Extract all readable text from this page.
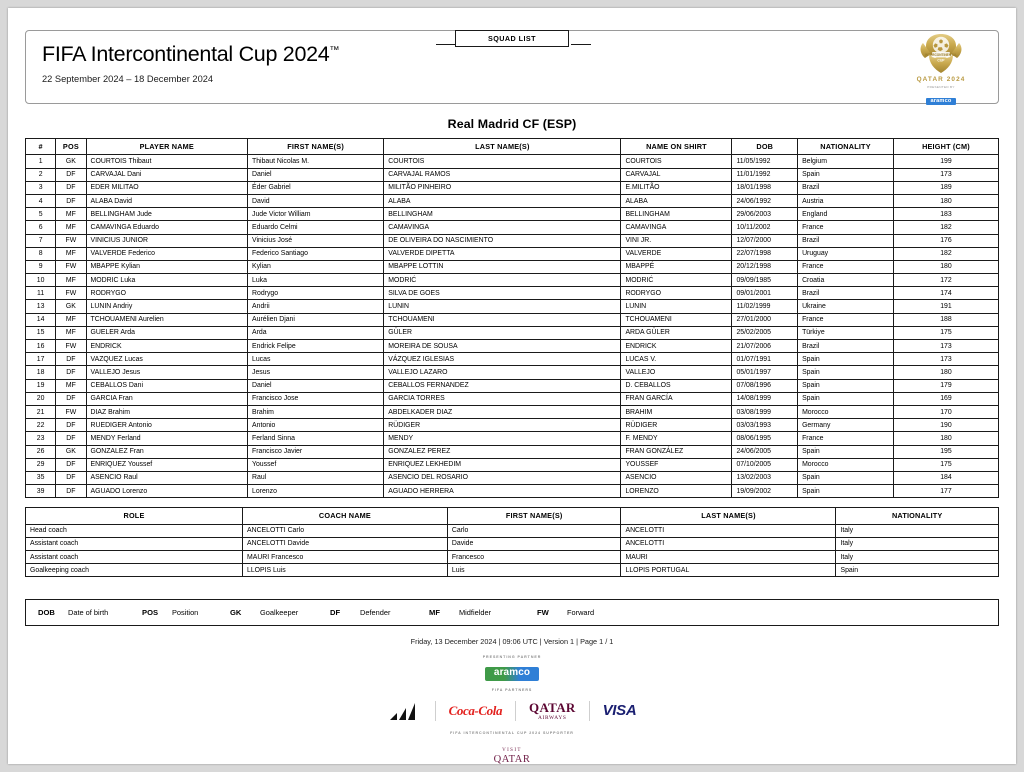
SQUAD LIST
FIFA Intercontinental Cup 2024™
22 September 2024 – 18 December 2024
INTERCONTINENTAL
CUP
QATAR 2024
PRESENTED BY
aramco
Real Madrid CF (ESP)
#	POS	PLAYER NAME	FIRST NAME(S)	LAST NAME(S)	NAME ON SHIRT	DOB	NATIONALITY	HEIGHT (CM)
1	GK	COURTOIS Thibaut	Thibaut Nicolas M.	COURTOIS	COURTOIS	11/05/1992	Belgium	199
2	DF	CARVAJAL Dani	Daniel	CARVAJAL RAMOS	CARVAJAL	11/01/1992	Spain	173
3	DF	EDER MILITAO	Éder Gabriel	MILITÃO PINHEIRO	E.MILITÃO	18/01/1998	Brazil	189
4	DF	ALABA David	David	ALABA	ALABA	24/06/1992	Austria	180
5	MF	BELLINGHAM Jude	Jude Victor William	BELLINGHAM	BELLINGHAM	29/06/2003	England	183
6	MF	CAMAVINGA Eduardo	Eduardo Celmi	CAMAVINGA	CAMAVINGA	10/11/2002	France	182
7	FW	VINICIUS JUNIOR	Vinicius José	DE OLIVEIRA DO NASCIMIENTO	VINI JR.	12/07/2000	Brazil	176
8	MF	VALVERDE Federico	Federico Santiago	VALVERDE DIPETTA	VALVERDE	22/07/1998	Uruguay	182
9	FW	MBAPPE Kylian	Kylian	MBAPPE LOTTIN	MBAPPÉ	20/12/1998	France	180
10	MF	MODRIC Luka	Luka	MODRIĆ	MODRIĆ	09/09/1985	Croatia	172
11	FW	RODRYGO	Rodrygo	SILVA DE GOES	RODRYGO	09/01/2001	Brazil	174
13	GK	LUNIN Andriy	Andrii	LUNIN	LUNIN	11/02/1999	Ukraine	191
14	MF	TCHOUAMENI Aurelien	Aurélien Djani	TCHOUAMENI	TCHOUAMENI	27/01/2000	France	188
15	MF	GUELER Arda	Arda	GÜLER	ARDA GÜLER	25/02/2005	Türkiye	175
16	FW	ENDRICK	Endrick Felipe	MOREIRA DE SOUSA	ENDRICK	21/07/2006	Brazil	173
17	DF	VAZQUEZ Lucas	Lucas	VÁZQUEZ IGLESIAS	LUCAS V.	01/07/1991	Spain	173
18	DF	VALLEJO Jesus	Jesus	VALLEJO LAZARO	VALLEJO	05/01/1997	Spain	180
19	MF	CEBALLOS Dani	Daniel	CEBALLOS FERNANDEZ	D. CEBALLOS	07/08/1996	Spain	179
20	DF	GARCIA Fran	Francisco Jose	GARCIA TORRES	FRAN GARCÍA	14/08/1999	Spain	169
21	FW	DIAZ Brahim	Brahim	ABDELKADER DIAZ	BRAHIM	03/08/1999	Morocco	170
22	DF	RUEDIGER Antonio	Antonio	RÜDIGER	RÜDIGER	03/03/1993	Germany	190
23	DF	MENDY Ferland	Ferland Sinna	MENDY	F. MENDY	08/06/1995	France	180
26	GK	GONZALEZ Fran	Francisco Javier	GONZALEZ PEREZ	FRAN GONZÁLEZ	24/06/2005	Spain	195
29	DF	ENRIQUEZ Youssef	Youssef	ENRIQUEZ LEKHEDIM	YOUSSEF	07/10/2005	Morocco	175
35	DF	ASENCIO Raul	Raul	ASENCIO DEL ROSARIO	ASENCIO	13/02/2003	Spain	184
39	DF	AGUADO Lorenzo	Lorenzo	AGUADO HERRERA	LORENZO	19/09/2002	Spain	177
ROLE	COACH NAME	FIRST NAME(S)	LAST NAME(S)	NATIONALITY
Head coach	ANCELOTTI Carlo	Carlo	ANCELOTTI	Italy
Assistant coach	ANCELOTTI Davide	Davide	ANCELOTTI	Italy
Assistant coach	MAURI Francesco	Francesco	MAURI	Italy
Goalkeeping coach	LLOPIS Luis	Luis	LLOPIS PORTUGAL	Spain
DOB	Date of birth	POS	Position	GK	Goalkeeper	DF	Defender	MF	Midfielder	FW	Forward
Friday, 13 December 2024 | 09:06 UTC | Version 1 | Page 1 / 1
PRESENTING PARTNER
aramco
FIFA PARTNERS
Coca-Cola QATAR
AIRWAYS	VISA
FIFA INTERCONTINENTAL CUP 2024 SUPPORTER
VISIT
QATAR
